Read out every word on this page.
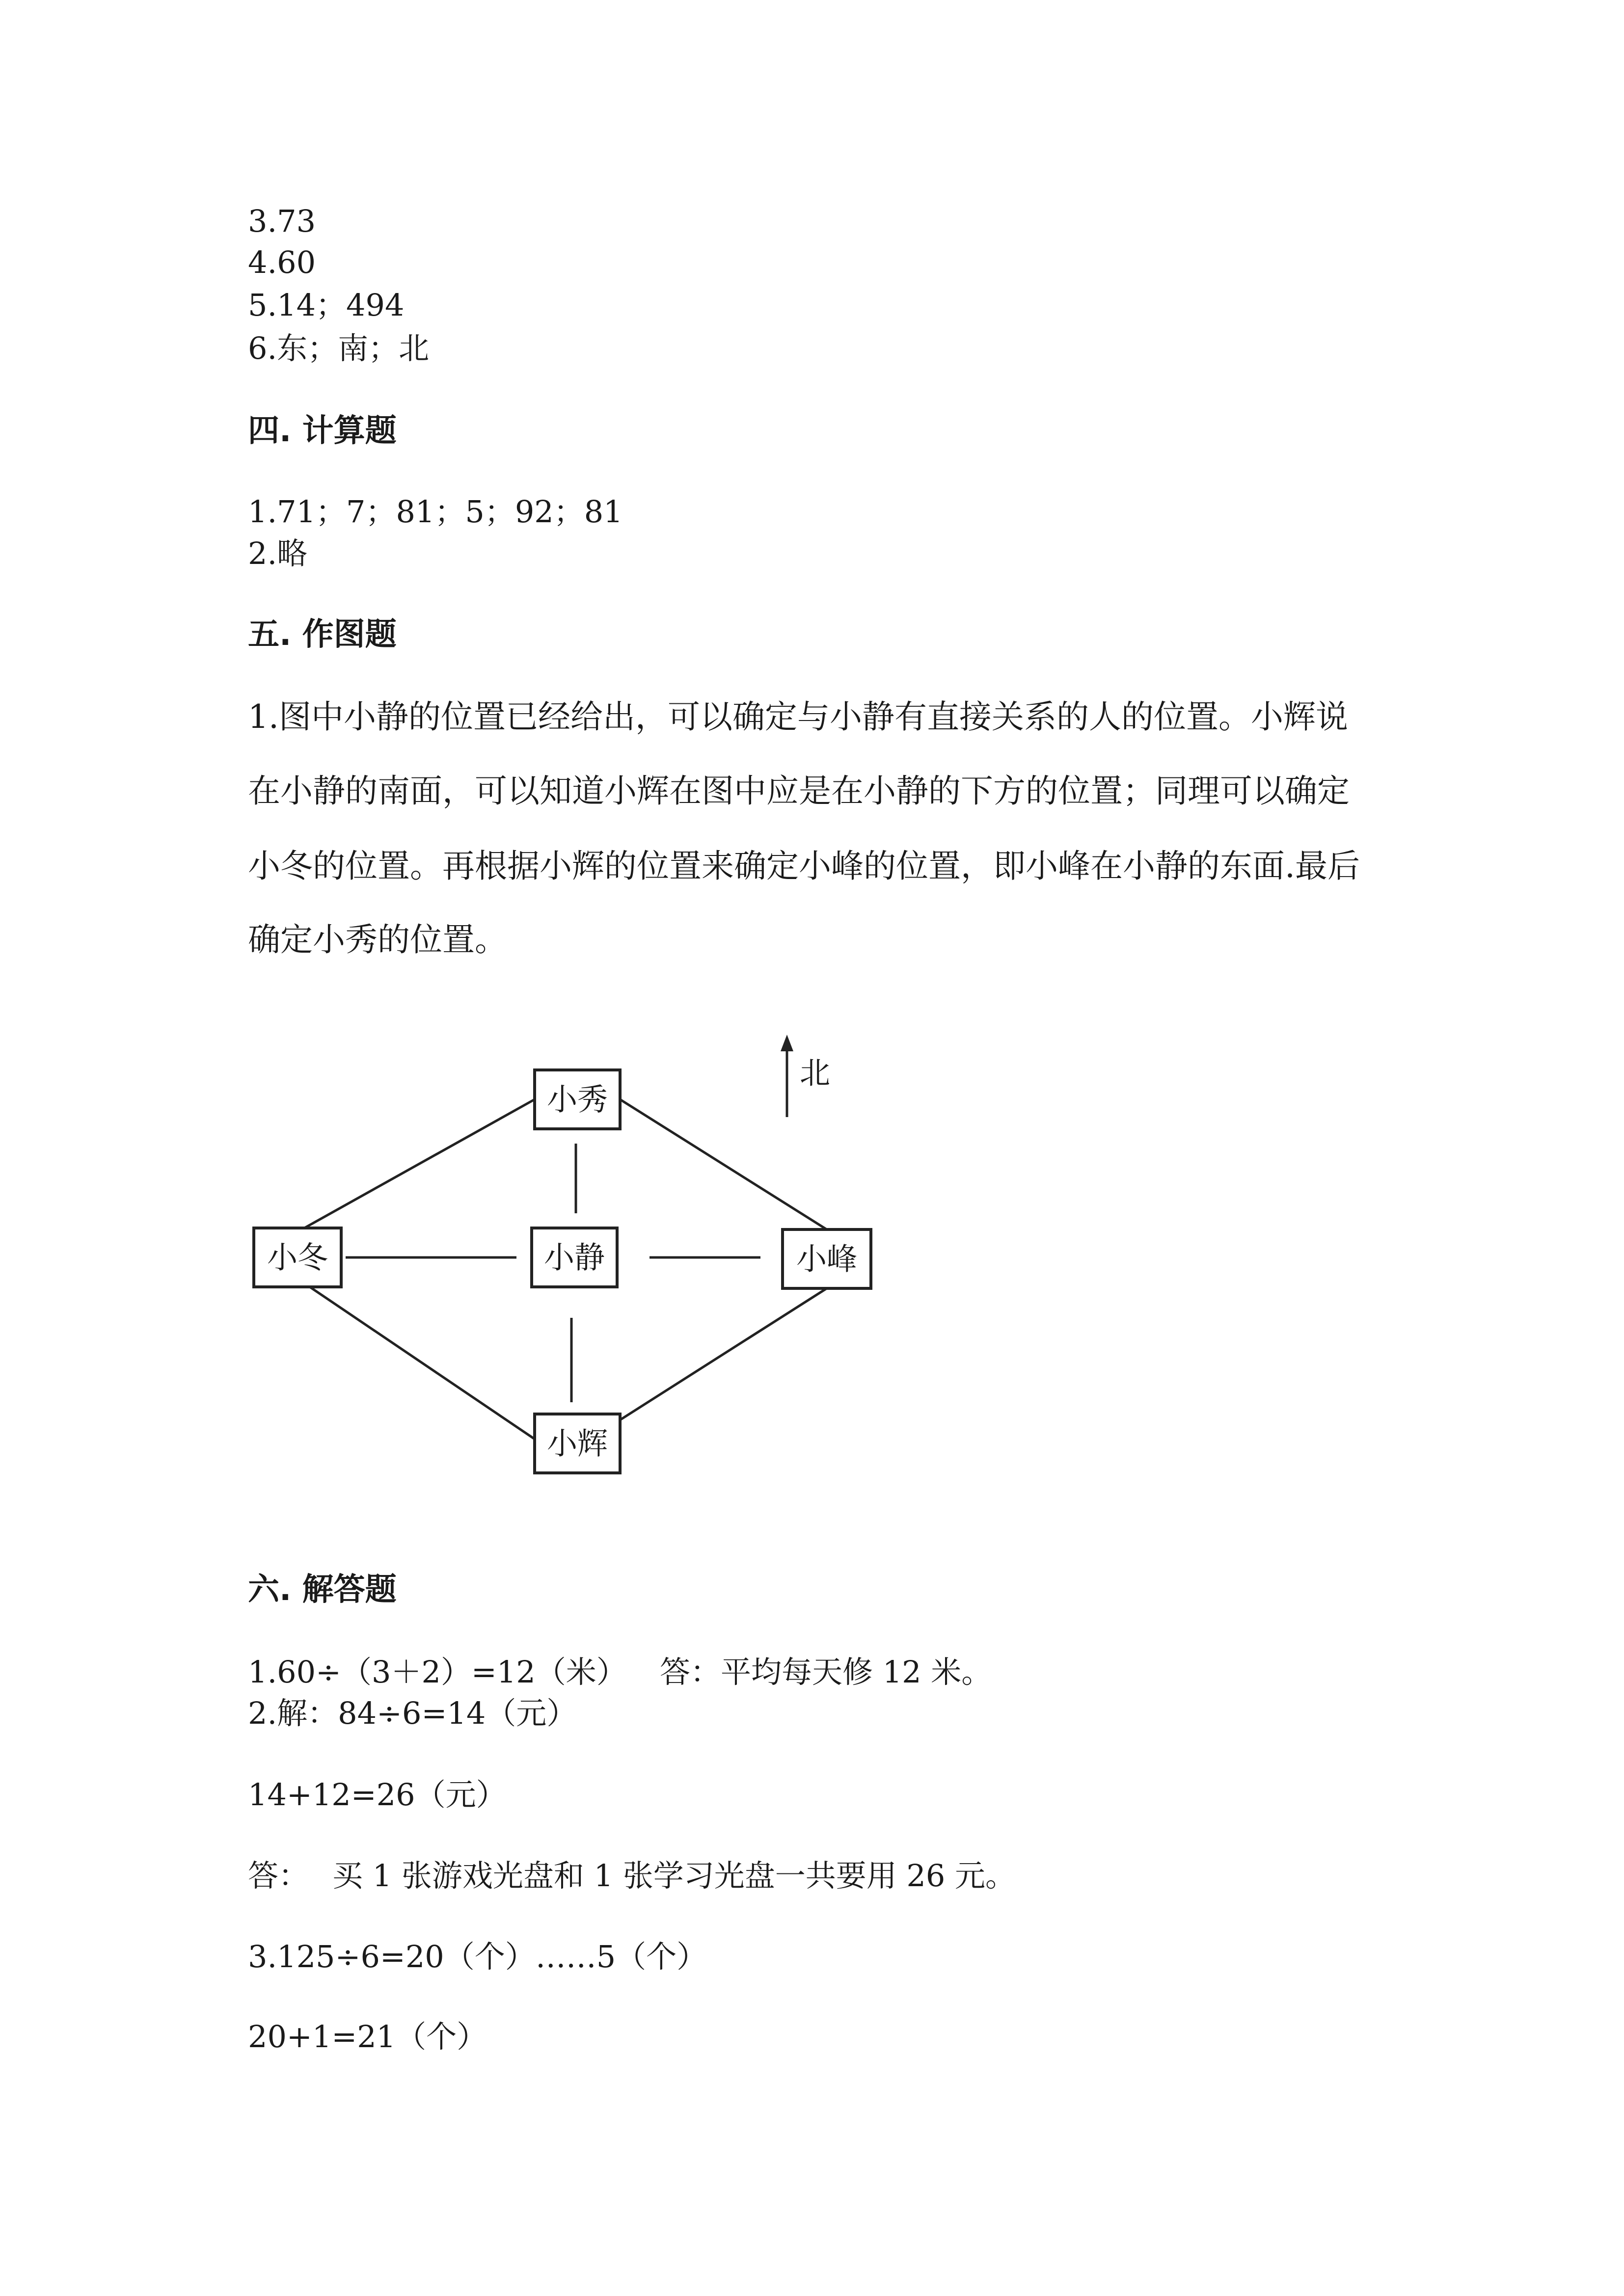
3.73
4.60
5.14；494
6.东；南；北
四. 计算题
1.71；7；81；5；92；81
2.略
五. 作图题
1.图中小静的位置已经给出，可以确定与小静有直接关系的人的位置。小辉说
在小静的南面，可以知道小辉在图中应是在小静的下方的位置；同理可以确定
小冬的位置。再根据小辉的位置来确定小峰的位置，即小峰在小静的东面.最后
确定小秀的位置。
小秀
小冬	小静	小峰
小辉
北
六. 解答题
1.60÷（3＋2）=12（米） 答：平均每天修 12 米。
2.解：84÷6=14（元）
14+12=26（元）
答： 买 1 张游戏光盘和 1 张学习光盘一共要用 26 元。
3.125÷6=20（个）……5（个）
20+1=21（个）
